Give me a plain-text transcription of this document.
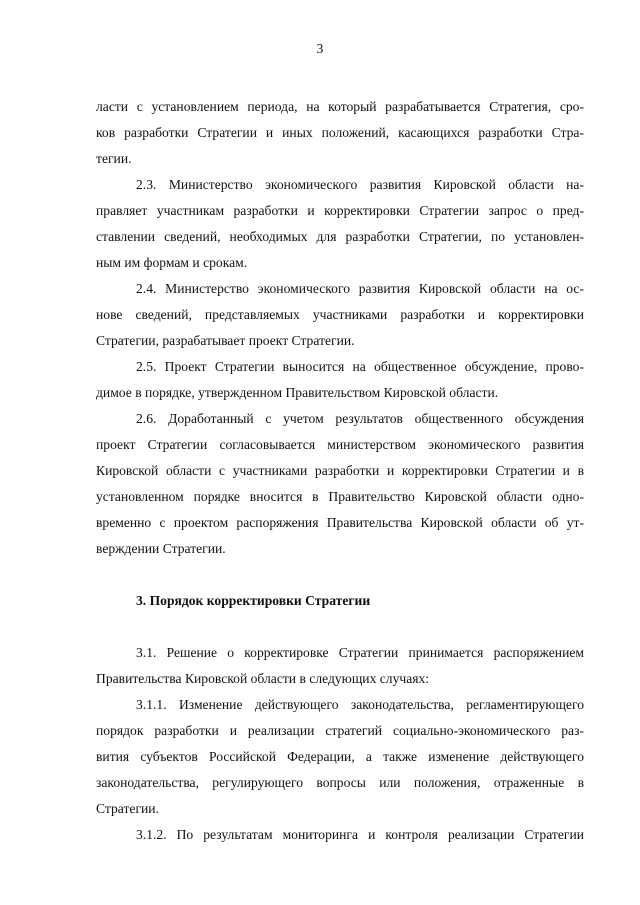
3
ласти с установлением периода, на который разрабатывается Стратегия, сро-
ков разработки Стратегии и иных положений, касающихся разработки Стра-
тегии.
2.3. Министерство экономического развития Кировской области на-
правляет участникам разработки и корректировки Стратегии запрос о пред-
ставлении сведений, необходимых для разработки Стратегии, по установлен-
ным им формам и срокам.
2.4. Министерство экономического развития Кировской области на ос-
нове сведений, представляемых участниками разработки и корректировки
Стратегии, разрабатывает проект Стратегии.
2.5. Проект Стратегии выносится на общественное обсуждение, прово-
димое в порядке, утвержденном Правительством Кировской области.
2.6. Доработанный с учетом результатов общественного обсуждения
проект Стратегии согласовывается министерством экономического развития
Кировской области с участниками разработки и корректировки Стратегии и в
установленном порядке вносится в Правительство Кировской области одно-
временно с проектом распоряжения Правительства Кировской области об ут-
верждении Стратегии.
3. Порядок корректировки Стратегии
3.1. Решение о корректировке Стратегии принимается распоряжением
Правительства Кировской области в следующих случаях:
3.1.1. Изменение действующего законодательства, регламентирующего
порядок разработки и реализации стратегий социально-экономического раз-
вития субъектов Российской Федерации, а также изменение действующего
законодательства, регулирующего вопросы или положения, отраженные в
Стратегии.
3.1.2. По результатам мониторинга и контроля реализации Стратегии
